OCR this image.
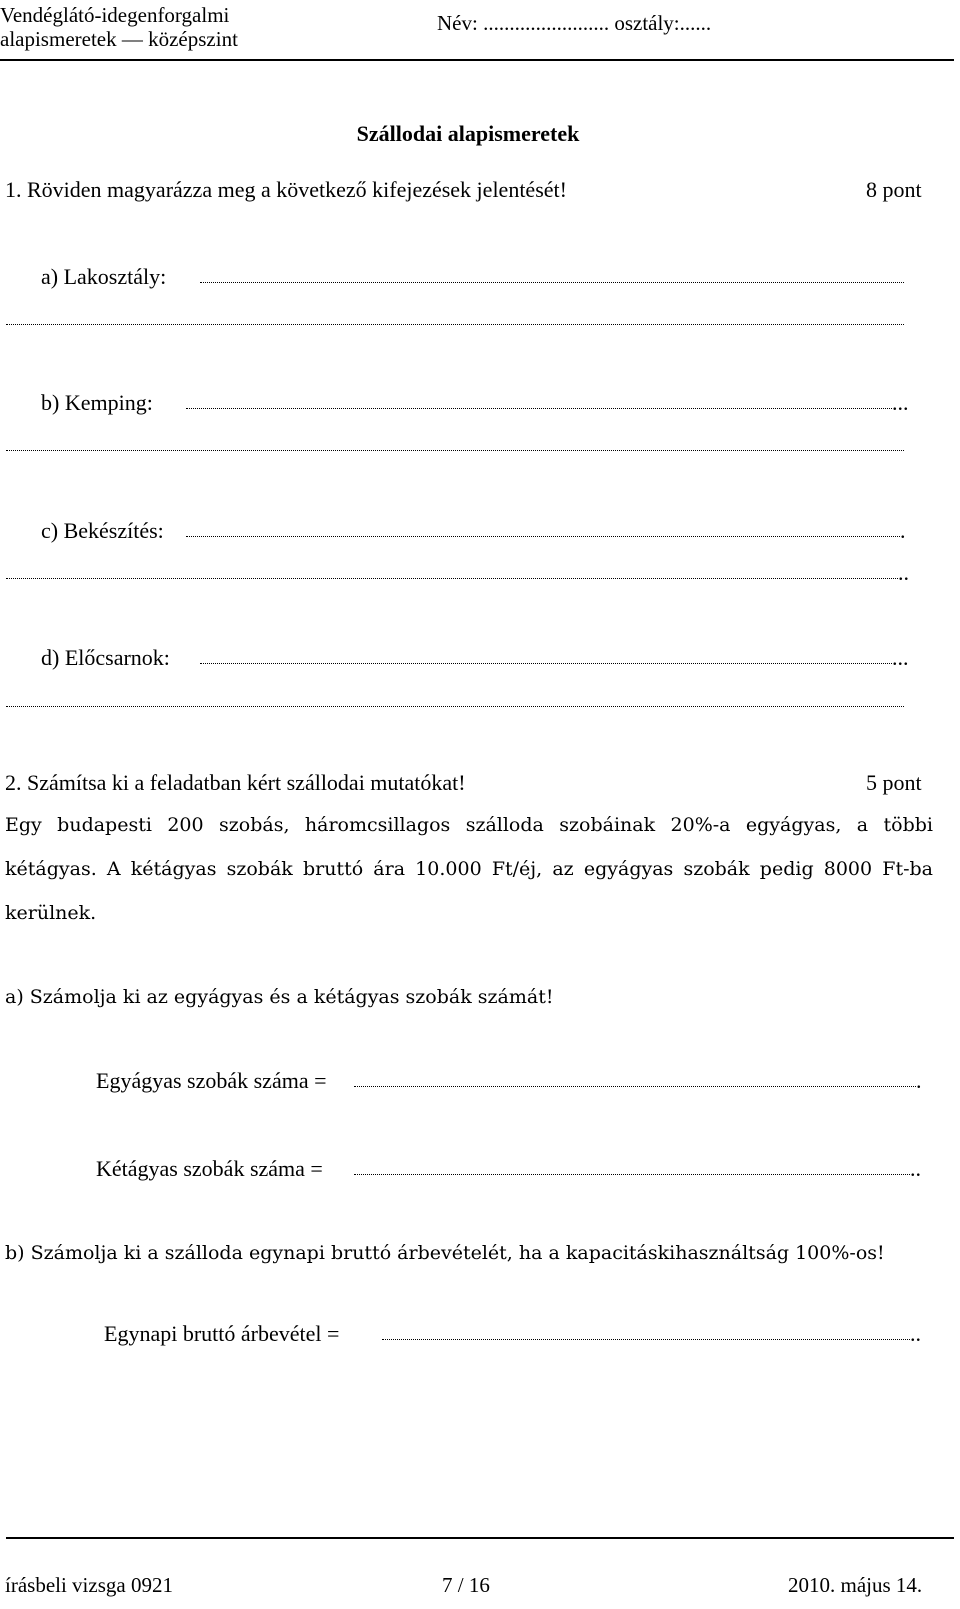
Vendéglátó-idegenforgalmi
alapismeretek — középszint
Név: ........................ osztály:......
Szállodai alapismeretek
1. Röviden magyarázza meg a következő kifejezések jelentését!	8 pont
a) Lakosztály:
b) Kemping:	...
c) Bekészítés:	.
..
d) Előcsarnok:	...
2. Számítsa ki a feladatban kért szállodai mutatókat!	5 pont
Egy budapesti 200 szobás, háromcsillagos szálloda szobáinak 20%-a egyágyas, a többi
kétágyas. A kétágyas szobák bruttó ára 10.000 Ft/éj, az egyágyas szobák pedig 8000 Ft-ba
kerülnek.
a) Számolja ki az egyágyas és a kétágyas szobák számát!
Egyágyas szobák száma =	.
Kétágyas szobák száma =	..
b) Számolja ki a szálloda egynapi bruttó árbevételét, ha a kapacitáskihasználtság 100%-os!
Egynapi bruttó árbevétel =	..
írásbeli vizsga 0921	7 / 16	2010. május 14.
